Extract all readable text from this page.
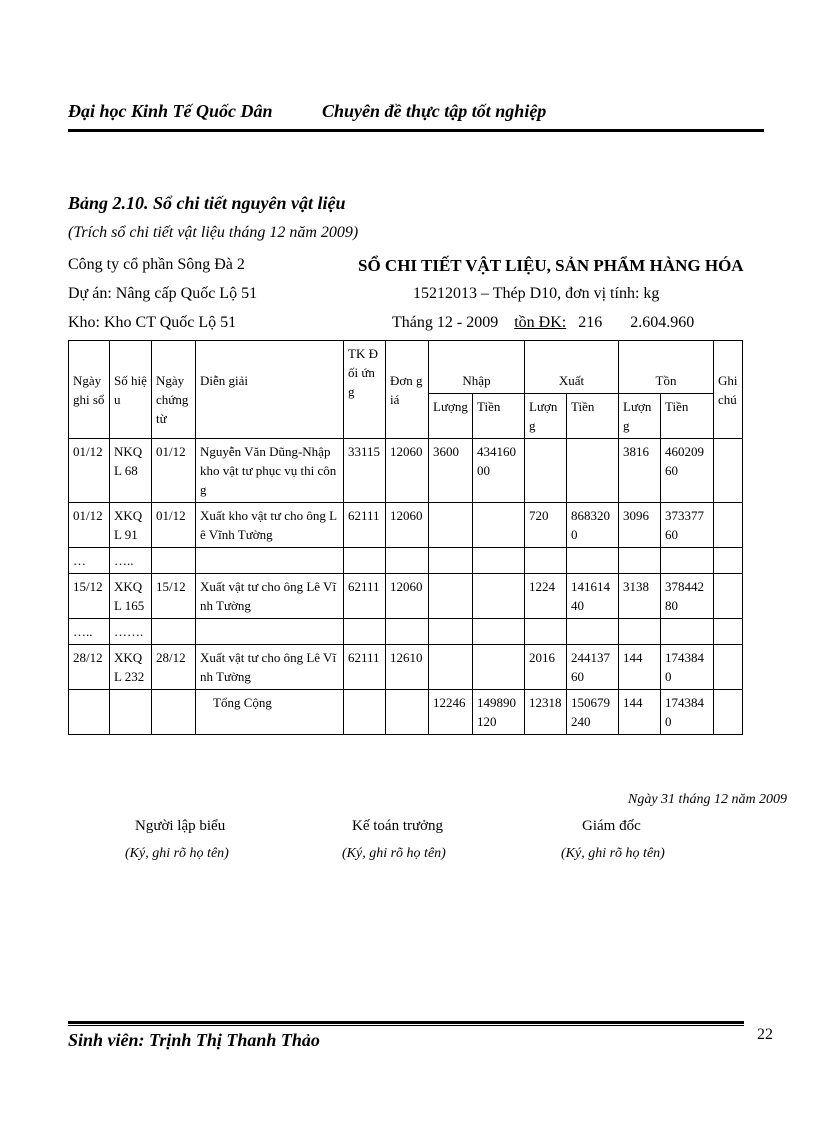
Đại học Kinh Tế Quốc Dân	Chuyên đề thực tập tốt nghiệp
Bảng 2.10. Sổ chi tiết nguyên vật liệu
(Trích sổ chi tiết vật liệu tháng 12 năm 2009)
Công ty cổ phần Sông Đà 2
Dự án: Nâng cấp Quốc Lộ 51
Kho: Kho CT Quốc Lộ 51
SỔ CHI TIẾT VẬT LIỆU, SẢN PHẨM HÀNG HÓA
15212013 – Thép D10, đơn vị tính: kg
Tháng 12 - 2009 tồn ĐK: 216 2.604.960
Ngày ghi sổ	Số hiệu	Ngày chứng từ	Diễn giải	TK Đối ứng	Đơn giá	Nhập		Xuất		Tồn		Ghi chú
						Lượng	Tiền	Lượng	Tiền	Lượng	Tiền	
01/12	NKQL 68	01/12	Nguyễn Văn Dũng-Nhập kho vật tư phục vụ thi công	33115	12060	3600	43416000			3816	46020960	
01/12	XKQL 91	01/12	Xuất kho vật tư cho ông Lê Vĩnh Tường	62111	12060			720	8683200	3096	37337760	
…	…..											
15/12	XKQL 165	15/12	Xuất vật tư cho ông Lê Vĩnh Tường	62111	12060			1224	14161440	3138	37844280	
…..	…….											
28/12	XKQL 232	28/12	Xuất vật tư cho ông Lê Vĩnh Tường	62111	12610			2016	24413760	144	1743840	
			Tổng Cộng			12246	149890120	12318	150679240	144	1743840	
Ngày 31 tháng 12 năm 2009
Người lập biểu
(Ký, ghi rõ họ tên)
Kế toán trưởng
(Ký, ghi rõ họ tên)
Giám đốc
(Ký, ghi rõ họ tên)
Sinh viên: Trịnh Thị Thanh Thảo	22
